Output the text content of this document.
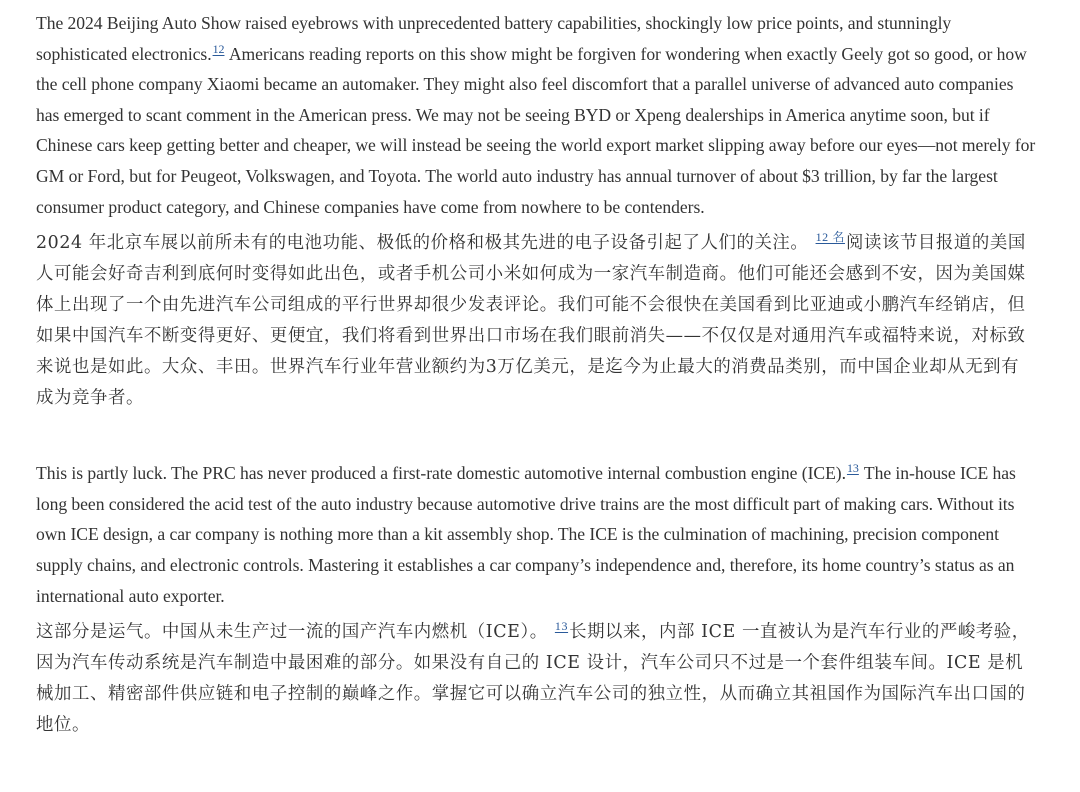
The 2024 Beijing Auto Show raised eyebrows with unprecedented battery capabilities, shockingly low price points, and stunningly sophisticated electronics.$^{12}$ Americans reading reports on this show might be forgiven for wondering when exactly Geely got so good, or how the cell phone company Xiaomi became an automaker. They might also feel discomfort that a parallel universe of advanced auto companies has emerged to scant comment in the American press. We may not be seeing BYD or Xpeng dealerships in America anytime soon, but if Chinese cars keep getting better and cheaper, we will instead be seeing the world export market slipping away before our eyes—not merely for GM or Ford, but for Peugeot, Volkswagen, and Toyota. The world auto industry has annual turnover of about $3 trillion, by far the largest consumer product category, and Chinese companies have come from nowhere to be contenders.

2024 年北京车展以前所未有的电池功能、极低的价格和极其先进的电子设备引起了人们的关注。 $^{12 名}$阅读该节目报道的美国人可能会好奇吉利到底何时变得如此出色，或者手机公司小米如何成为一家汽车制造商。他们可能还会感到不安，因为美国媒体上出现了一个由先进汽车公司组成的平行世界却很少发表评论。我们可能不会很快在美国看到比亚迪或小鹏汽车经销店，但如果中国汽车不断变得更好、更便宜，我们将看到世界出口市场在我们眼前消失——不仅仅是对通用汽车或福特来说，对标致来说也是如此。大众、丰田。世界汽车行业年营业额约为3万亿美元，是迄今为止最大的消费品类别，而中国企业却从无到有成为竞争者。

This is partly luck. The PRC has never produced a first-rate domestic automotive internal combustion engine (ICE).$^{13}$ The in-house ICE has long been considered the acid test of the auto industry because automotive drive trains are the most difficult part of making cars. Without its own ICE design, a car company is nothing more than a kit assembly shop. The ICE is the culmination of machining, precision component supply chains, and electronic controls. Mastering it establishes a car company’s independence and, therefore, its home country’s status as an international auto exporter.

这部分是运气。中国从未生产过一流的国产汽车内燃机（ICE）。 $^{13}$长期以来，内部 ICE 一直被认为是汽车行业的严峻考验，因为汽车传动系统是汽车制造中最困难的部分。如果没有自己的 ICE 设计，汽车公司只不过是一个套件组装车间。ICE 是机械加工、精密部件供应链和电子控制的巅峰之作。掌握它可以确立汽车公司的独立性，从而确立其祖国作为国际汽车出口国的地位。
